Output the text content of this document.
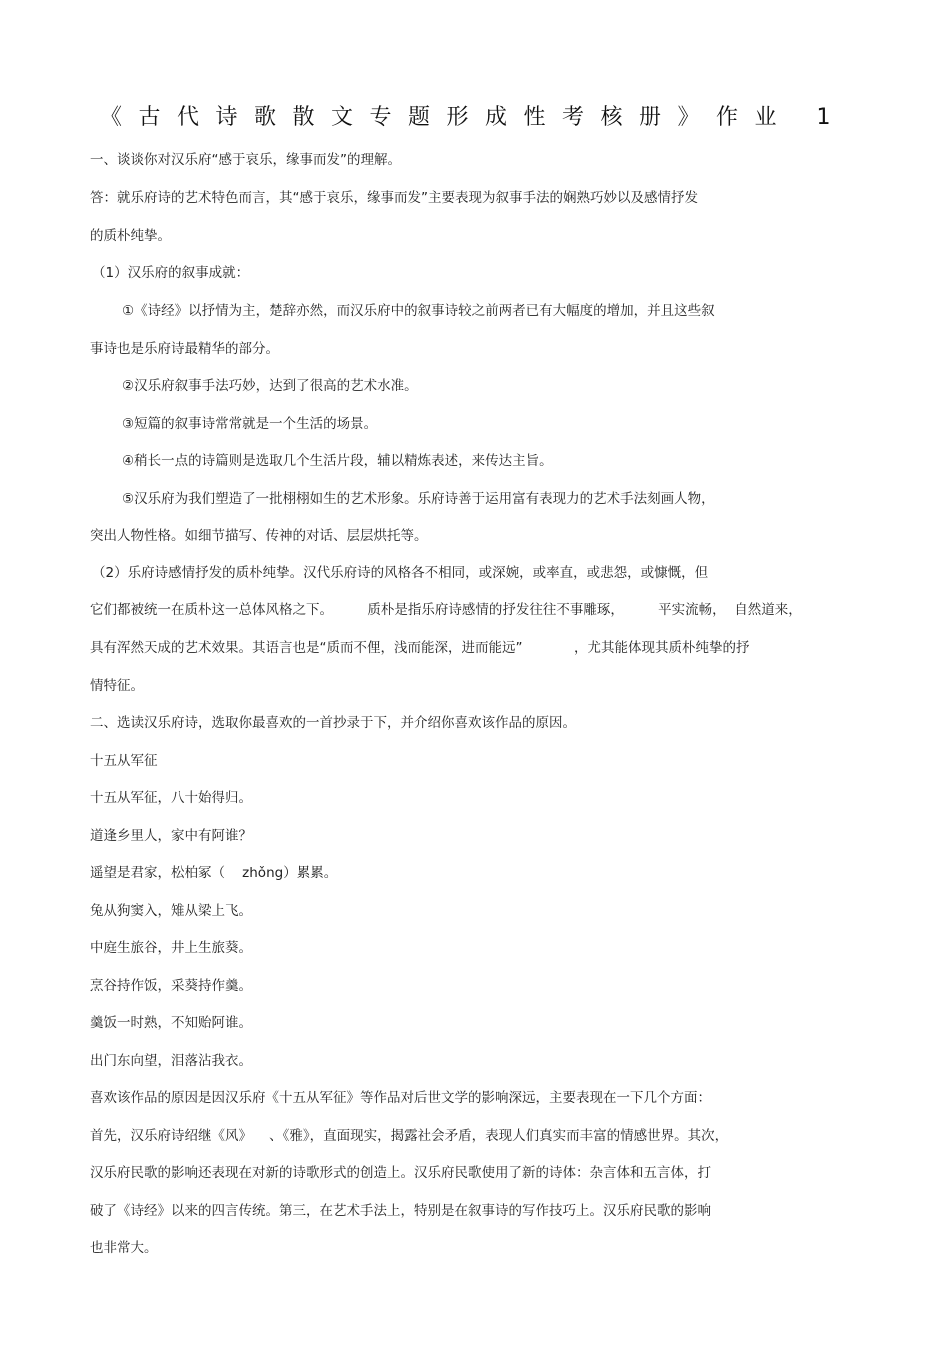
《古代诗歌散文专题形成性考核册》作业 1
一、谈谈你对汉乐府“感于哀乐，缘事而发”的理解。
答：就乐府诗的艺术特色而言，其“感于哀乐，缘事而发”主要表现为叙事手法的娴熟巧妙以及感情抒发
的质朴纯挚。
（1）汉乐府的叙事成就：
①《诗经》以抒情为主，楚辞亦然，而汉乐府中的叙事诗较之前两者已有大幅度的增加，并且这些叙
事诗也是乐府诗最精华的部分。
②汉乐府叙事手法巧妙，达到了很高的艺术水准。
③短篇的叙事诗常常就是一个生活的场景。
④稍长一点的诗篇则是选取几个生活片段，辅以精炼表述，来传达主旨。
⑤汉乐府为我们塑造了一批栩栩如生的艺术形象。乐府诗善于运用富有表现力的艺术手法刻画人物，
突出人物性格。如细节描写、传神的对话、层层烘托等。
（2）乐府诗感情抒发的质朴纯挚。汉代乐府诗的风格各不相同，或深婉，或率直，或悲怨，或慷慨，但
它们都被统一在质朴这一总体风格之下。        质朴是指乐府诗感情的抒发往往不事雕琢，        平实流畅，  自然道来，
具有浑然天成的艺术效果。其语言也是“质而不俚，浅而能深，进而能远”            ，尤其能体现其质朴纯挚的抒
情特征。
二、选读汉乐府诗，选取你最喜欢的一首抄录于下，并介绍你喜欢该作品的原因。
十五从军征
十五从军征，八十始得归。
道逢乡里人，家中有阿谁？
遥望是君家，松柏冢（    zhǒng）累累。
兔从狗窦入，雉从梁上飞。
中庭生旅谷，井上生旅葵。
烹谷持作饭，采葵持作羹。
羹饭一时熟，不知贻阿谁。
出门东向望，泪落沾我衣。
喜欢该作品的原因是因汉乐府《十五从军征》等作品对后世文学的影响深远，主要表现在一下几个方面：
首先，汉乐府诗绍继《风》    、《雅》，直面现实，揭露社会矛盾，表现人们真实而丰富的情感世界。其次，
汉乐府民歌的影响还表现在对新的诗歌形式的创造上。汉乐府民歌使用了新的诗体：杂言体和五言体，打
破了《诗经》以来的四言传统。第三，在艺术手法上，特别是在叙事诗的写作技巧上。汉乐府民歌的影响
也非常大。
